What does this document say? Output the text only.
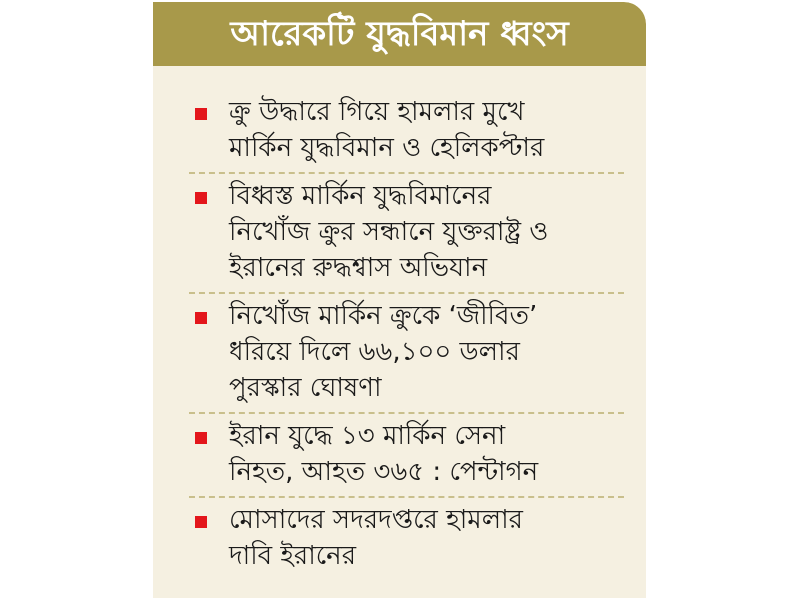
আরেকটি যুদ্ধবিমান ধ্বংস
ক্রু উদ্ধারে গিয়ে হামলার মুখে
মার্কিন যুদ্ধবিমান ও হেলিকপ্টার
বিধ্বস্ত মার্কিন যুদ্ধবিমানের
নিখোঁজ ক্রুর সন্ধানে যুক্তরাষ্ট্র ও
ইরানের রুদ্ধশ্বাস অভিযান
নিখোঁজ মার্কিন ক্রুকে ‘জীবিত’
ধরিয়ে দিলে ৬৬,১০০ ডলার
পুরস্কার ঘোষণা
ইরান যুদ্ধে ১৩ মার্কিন সেনা
নিহত, আহত ৩৬৫ : পেন্টাগন
মোসাদের সদরদপ্তরে হামলার
দাবি ইরানের
